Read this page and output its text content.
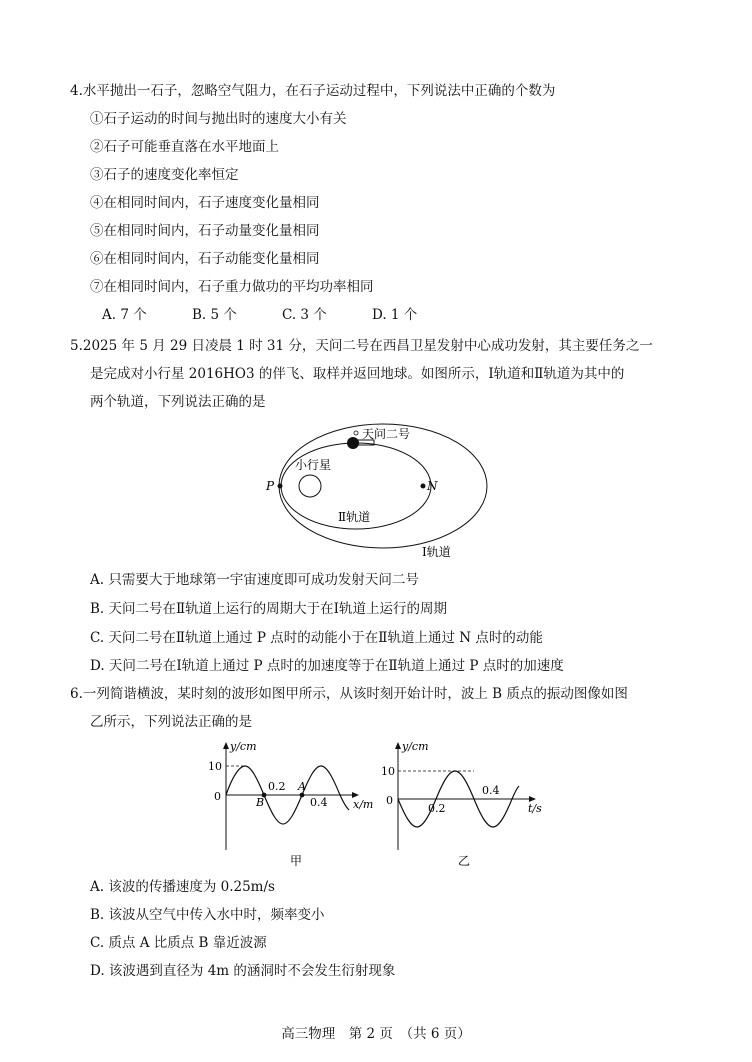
4.水平抛出一石子，忽略空气阻力，在石子运动过程中，下列说法中正确的个数为
①石子运动的时间与抛出时的速度大小有关
②石子可能垂直落在水平地面上
③石子的速度变化率恒定
④在相同时间内，石子速度变化量相同
⑤在相同时间内，石子动量变化量相同
⑥在相同时间内，石子动能变化量相同
⑦在相同时间内，石子重力做功的平均功率相同
A. 7 个	B. 5 个	C. 3 个	D. 1 个
5.2025 年 5 月 29 日凌晨 1 时 31 分，天问二号在西昌卫星发射中心成功发射，其主要任务之一
是完成对小行星 2016HO3 的伴飞、取样并返回地球。如图所示，Ⅰ轨道和Ⅱ轨道为其中的
两个轨道，下列说法正确的是
天问二号
小行星
P	N
Ⅱ轨道
Ⅰ轨道
A. 只需要大于地球第一宇宙速度即可成功发射天问二号
B. 天问二号在Ⅱ轨道上运行的周期大于在Ⅰ轨道上运行的周期
C. 天问二号在Ⅱ轨道上通过 P 点时的动能小于在Ⅱ轨道上通过 N 点时的动能
D. 天问二号在Ⅰ轨道上通过 P 点时的加速度等于在Ⅱ轨道上通过 P 点时的加速度
6.一列简谐横波，某时刻的波形如图甲所示，从该时刻开始计时，波上 B 质点的振动图像如图
乙所示，下列说法正确的是
y/cm
10
0
0.2
0.4
B
A
x/m
甲
y/cm
10
0
0.2
0.4
t/s
乙
A. 该波的传播速度为 0.25m/s
B. 该波从空气中传入水中时，频率变小
C. 质点 A 比质点 B 靠近波源
D. 该波遇到直径为 4m 的涵洞时不会发生衍射现象
高三物理　第 2 页　（共 6 页）
